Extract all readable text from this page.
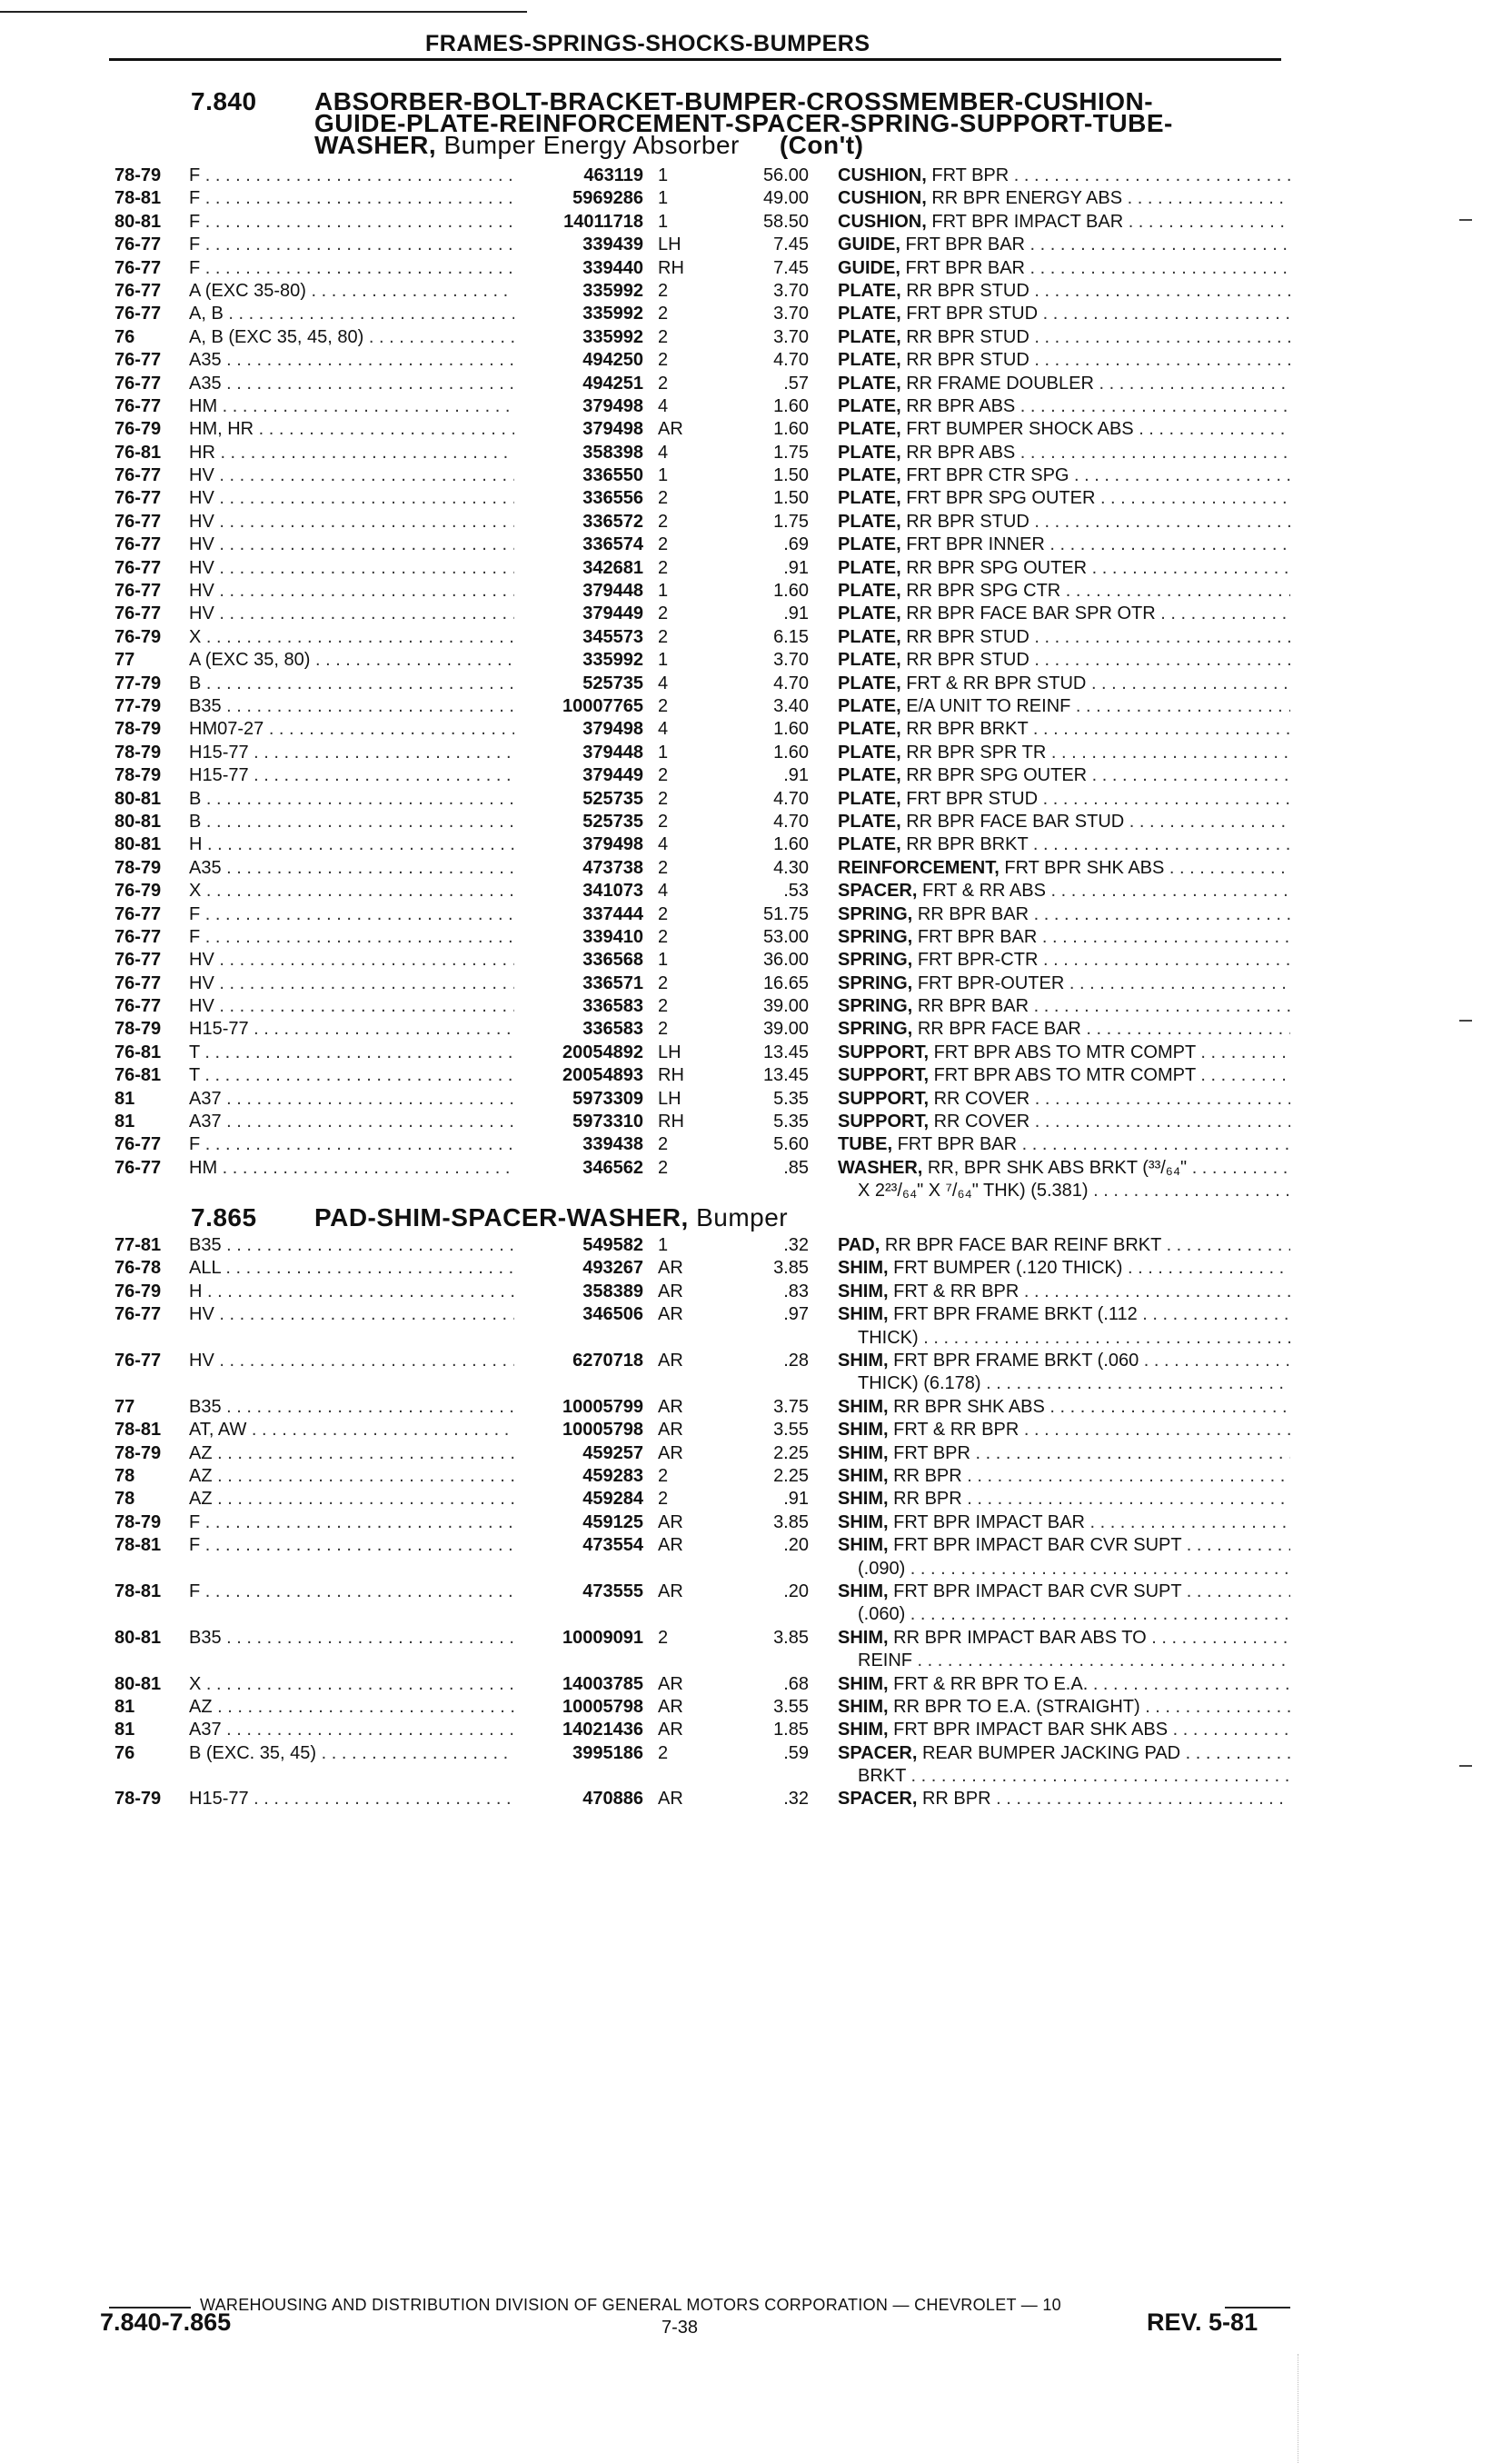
FRAMES-SPRINGS-SHOCKS-BUMPERS
7.840 ABSORBER-BOLT-BRACKET-BUMPER-CROSSMEMBER-CUSHION-
GUIDE-PLATE-REINFORCEMENT-SPACER-SPRING-SUPPORT-TUBE-
WASHER, Bumper Energy Absorber (Con't)
78-79 F . . .	463119 1	56.00 CUSHION, FRT BPR . . .
78-81 F . . .	5969286 1	49.00 CUSHION, RR BPR ENERGY ABS . . .
80-81 F . . .	14011718 1	58.50 CUSHION, FRT BPR IMPACT BAR . . .
76-77 F . . .	339439 LH	7.45 GUIDE, FRT BPR BAR . . .
76-77 F . . .	339440 RH	7.45 GUIDE, FRT BPR BAR . . .
76-77 A (EXC 35-80) . . .	335992 2	3.70 PLATE, RR BPR STUD . . .
76-77 A, B . . .	335992 2	3.70 PLATE, FRT BPR STUD . . .
76	A, B (EXC 35, 45, 80) . . .	335992 2	3.70 PLATE, RR BPR STUD . . .
76-77 A35 . . .	494250 2	4.70 PLATE, RR BPR STUD . . .
76-77 A35 . . .	494251 2	.57 PLATE, RR FRAME DOUBLER . . .
76-77 HM . . .	379498 4	1.60 PLATE, RR BPR ABS . . .
76-79 HM, HR . . .	379498 AR	1.60 PLATE, FRT BUMPER SHOCK ABS . . .
76-81 HR . . .	358398 4	1.75 PLATE, RR BPR ABS . . .
76-77 HV . . .	336550 1	1.50 PLATE, FRT BPR CTR SPG . . .
76-77 HV . . .	336556 2	1.50 PLATE, FRT BPR SPG OUTER . . .
76-77 HV . . .	336572 2	1.75 PLATE, RR BPR STUD . . .
76-77 HV . . .	336574 2	.69 PLATE, FRT BPR INNER . . .
76-77 HV . . .	342681 2	.91 PLATE, RR BPR SPG OUTER . . .
76-77 HV . . .	379448 1	1.60 PLATE, RR BPR SPG CTR . . .
76-77 HV . . .	379449 2	.91 PLATE, RR BPR FACE BAR SPR OTR . . .
76-79 X . . .	345573 2	6.15 PLATE, RR BPR STUD . . .
77	A (EXC 35, 80) . . .	335992 1	3.70 PLATE, RR BPR STUD . . .
77-79 B . . .	525735 4	4.70 PLATE, FRT & RR BPR STUD . . .
77-79 B35 . . .	10007765 2	3.40 PLATE, E/A UNIT TO REINF . . .
78-79 HM07-27 . . .	379498 4	1.60 PLATE, RR BPR BRKT . . .
78-79 H15-77 . . .	379448 1	1.60 PLATE, RR BPR SPR TR . . .
78-79 H15-77 . . .	379449 2	.91 PLATE, RR BPR SPG OUTER . . .
80-81 B . . .	525735 2	4.70 PLATE, FRT BPR STUD . . .
80-81 B . . .	525735 2	4.70 PLATE, RR BPR FACE BAR STUD . . .
80-81 H . . .	379498 4	1.60 PLATE, RR BPR BRKT . . .
78-79 A35 . . .	473738 2	4.30 REINFORCEMENT, FRT BPR SHK ABS . . .
76-79 X . . .	341073 4	.53 SPACER, FRT & RR ABS . . .
76-77 F . . .	337444 2	51.75 SPRING, RR BPR BAR . . .
76-77 F . . .	339410 2	53.00 SPRING, FRT BPR BAR . . .
76-77 HV . . .	336568 1	36.00 SPRING, FRT BPR-CTR . . .
76-77 HV . . .	336571 2	16.65 SPRING, FRT BPR-OUTER . . .
76-77 HV . . .	336583 2	39.00 SPRING, RR BPR BAR . . .
78-79 H15-77 . . .	336583 2	39.00 SPRING, RR BPR FACE BAR . . .
76-81 T . . .	20054892 LH	13.45 SUPPORT, FRT BPR ABS TO MTR COMPT . . .
76-81 T . . .	20054893 RH	13.45 SUPPORT, FRT BPR ABS TO MTR COMPT . . .
81	A37 . . .	5973309 LH	5.35 SUPPORT, RR COVER . . .
81	A37 . . .	5973310 RH	5.35 SUPPORT, RR COVER . . .
76-77 F . . .	339438 2	5.60 TUBE, FRT BPR BAR . . .
76-77 HM . . .	346562 2	.85 WASHER, RR, BPR SHK ABS BRKT (³³/₆₄" . . .
X 2²³/₆₄" X ⁷/₆₄" THK) (5.381) . . .
7.865 PAD-SHIM-SPACER-WASHER, Bumper
77-81 B35 . . .	549582 1	.32 PAD, RR BPR FACE BAR REINF BRKT . . .
76-78 ALL . . .	493267 AR	3.85 SHIM, FRT BUMPER (.120 THICK) . . .
76-79 H . . .	358389 AR	.83 SHIM, FRT & RR BPR . . .
76-77 HV . . .	346506 AR	.97 SHIM, FRT BPR FRAME BRKT (.112 . . .
THICK) . . .
76-77 HV . . .	6270718 AR	.28 SHIM, FRT BPR FRAME BRKT (.060 . . .
THICK) (6.178) . . .
77	B35 . . .	10005799 AR	3.75 SHIM, RR BPR SHK ABS . . .
78-81 AT, AW . . .	10005798 AR	3.55 SHIM, FRT & RR BPR . . .
78-79 AZ . . .	459257 AR	2.25 SHIM, FRT BPR . . .
78	AZ . . .	459283 2	2.25 SHIM, RR BPR . . .
78	AZ . . .	459284 2	.91 SHIM, RR BPR . . .
78-79 F . . .	459125 AR	3.85 SHIM, FRT BPR IMPACT BAR . . .
78-81 F . . .	473554 AR	.20 SHIM, FRT BPR IMPACT BAR CVR SUPT . . .
(.090) . . .
78-81 F . . .	473555 AR	.20 SHIM, FRT BPR IMPACT BAR CVR SUPT . . .
(.060) . . .
80-81 B35 . . .	10009091 2	3.85 SHIM, RR BPR IMPACT BAR ABS TO . . .
REINF . . .
80-81 X . . .	14003785 AR	.68 SHIM, FRT & RR BPR TO E.A. . . .
81	AZ . . .	10005798 AR	3.55 SHIM, RR BPR TO E.A. (STRAIGHT) . . .
81	A37 . . .	14021436 AR	1.85 SHIM, FRT BPR IMPACT BAR SHK ABS . . .
76	B (EXC. 35, 45) . . .	3995186 2	.59 SPACER, REAR BUMPER JACKING PAD . . .
BRKT . . .
78-79 H15-77 . . .	470886 AR	.32 SPACER, RR BPR . . .
WAREHOUSING AND DISTRIBUTION DIVISION OF GENERAL MOTORS CORPORATION — CHEVROLET — 10
7.840-7.865	7-38	REV. 5-81
